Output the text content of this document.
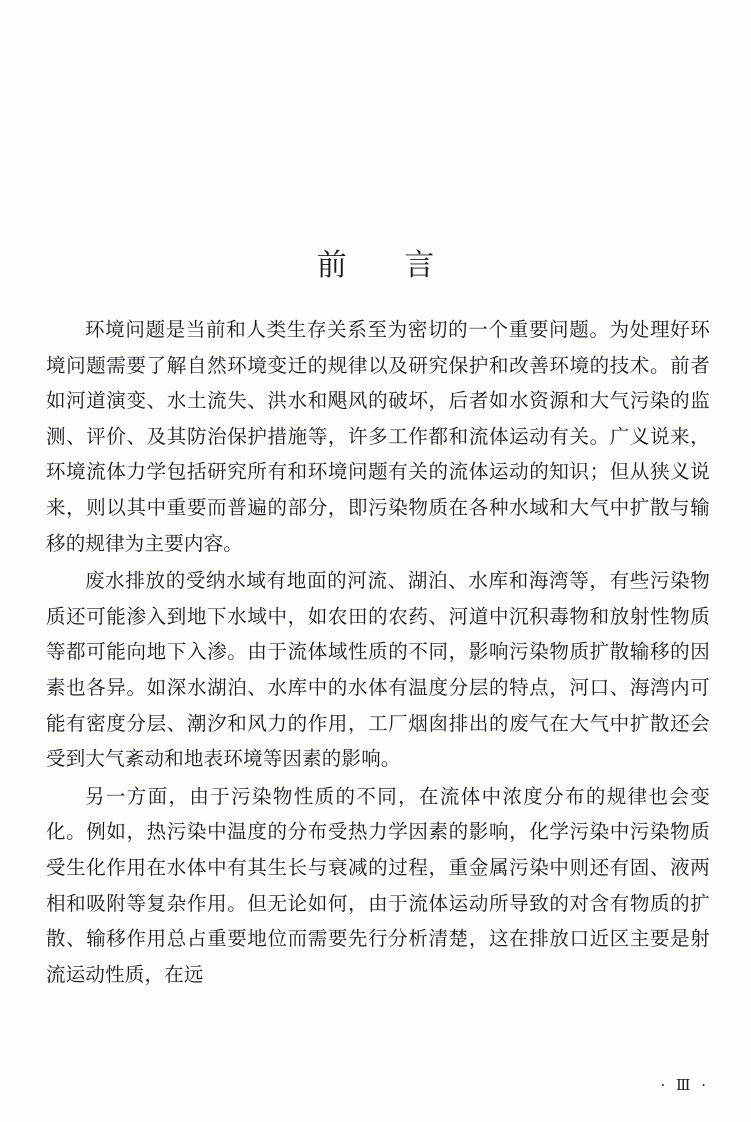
前 言

环境问题是当前和人类生存关系至为密切的一个重要问题。为处理好环境问题需要了解自然环境变迁的规律以及研究保护和改善环境的技术。前者如河道演变、水土流失、洪水和飓风的破坏，后者如水资源和大气污染的监测、评价、及其防治保护措施等，许多工作都和流体运动有关。广义说来，环境流体力学包括研究所有和环境问题有关的流体运动的知识；但从狭义说来，则以其中重要而普遍的部分，即污染物质在各种水域和大气中扩散与输移的规律为主要内容。

废水排放的受纳水域有地面的河流、湖泊、水库和海湾等，有些污染物质还可能渗入到地下水域中，如农田的农药、河道中沉积毒物和放射性物质等都可能向地下入渗。由于流体域性质的不同，影响污染物质扩散输移的因素也各异。如深水湖泊、水库中的水体有温度分层的特点，河口、海湾内可能有密度分层、潮汐和风力的作用，工厂烟囱排出的废气在大气中扩散还会受到大气紊动和地表环境等因素的影响。

另一方面，由于污染物性质的不同，在流体中浓度分布的规律也会变化。例如，热污染中温度的分布受热力学因素的影响，化学污染中污染物质受生化作用在水体中有其生长与衰减的过程，重金属污染中则还有固、液两相和吸附等复杂作用。但无论如何，由于流体运动所导致的对含有物质的扩散、输移作用总占重要地位而需要先行分析清楚，这在排放口近区主要是射流运动性质，在远

· Ⅲ ·
